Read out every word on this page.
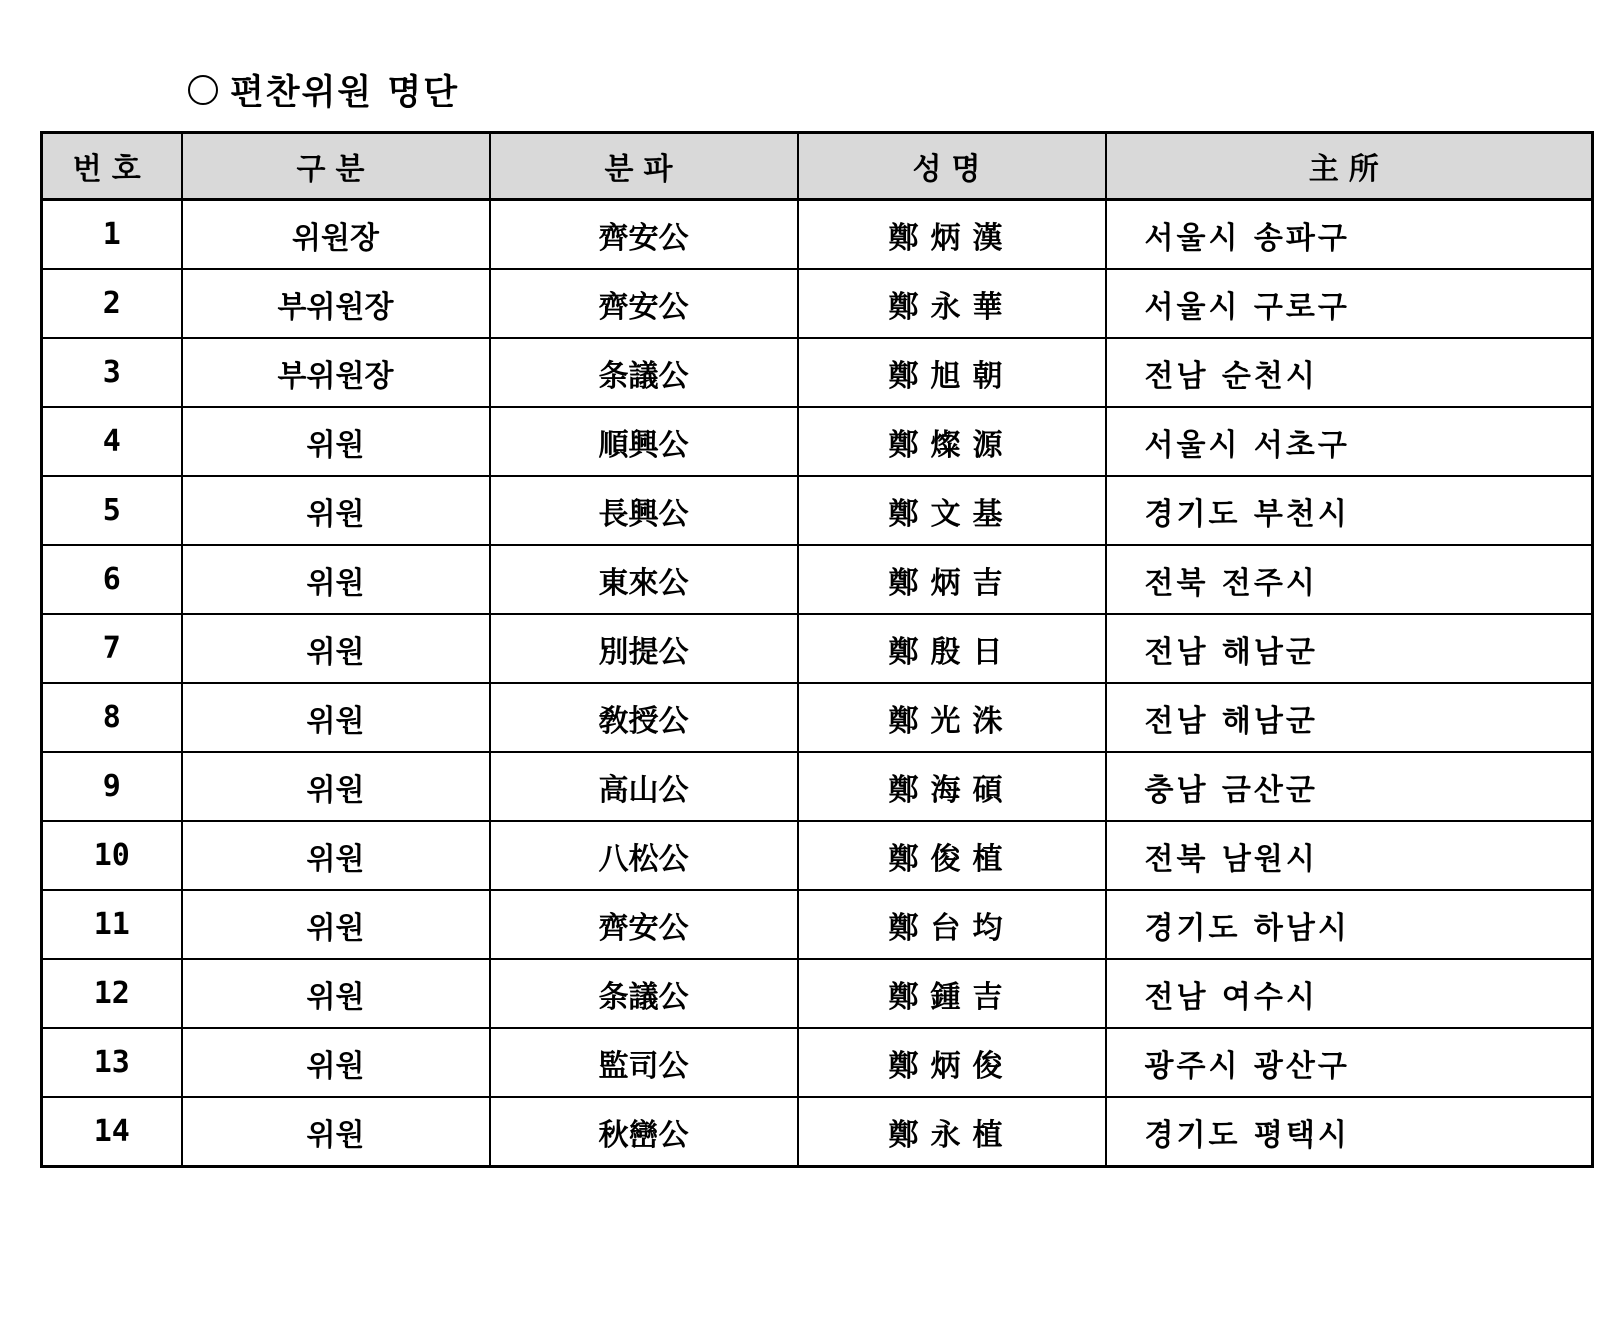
편찬위원 명단
번호	구분	분파	성명	主所
1	위원장	齊安公	鄭炳漢	서울시 송파구
2	부위원장	齊安公	鄭永華	서울시 구로구
3	부위원장	条議公	鄭旭朝	전남 순천시
4	위원	順興公	鄭燦源	서울시 서초구
5	위원	長興公	鄭文基	경기도 부천시
6	위원	東來公	鄭炳吉	전북 전주시
7	위원	別提公	鄭殷日	전남 해남군
8	위원	敎授公	鄭光洙	전남 해남군
9	위원	高山公	鄭海碩	충남 금산군
10	위원	八松公	鄭俊植	전북 남원시
11	위원	齊安公	鄭台均	경기도 하남시
12	위원	条議公	鄭鍾吉	전남 여수시
13	위원	監司公	鄭炳俊	광주시 광산구
14	위원	秋巒公	鄭永植	경기도 평택시
